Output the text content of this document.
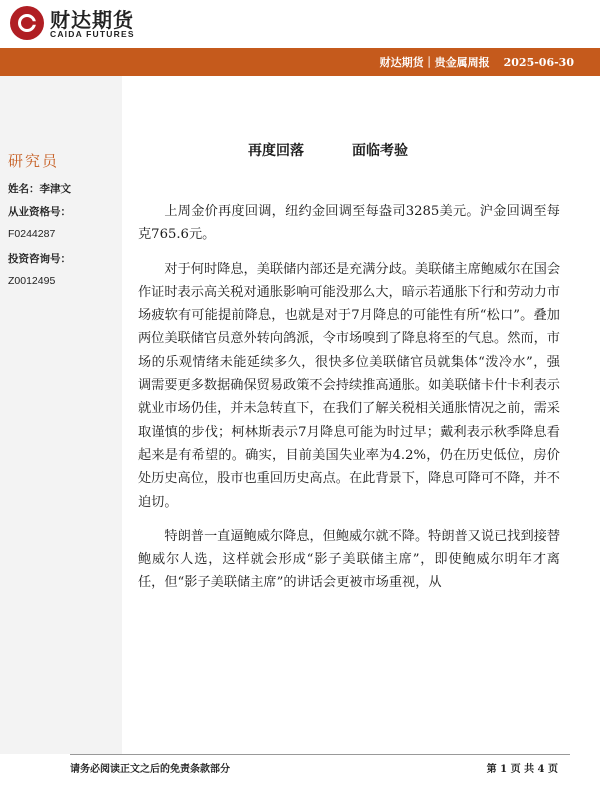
财达期货
CAIDA FUTURES
财达期货｜贵金属周报 2025-06-30
研究员
姓名：李津文
从业资格号：
F0244287
投资咨询号：
Z0012495
再度回落	面临考验

上周金价再度回调，纽约金回调至每盎司3285美元。沪金回调至每克765.6元。

对于何时降息，美联储内部还是充满分歧。美联储主席鲍威尔在国会作证时表示高关税对通胀影响可能没那么大，暗示若通胀下行和劳动力市场疲软有可能提前降息，也就是对于7月降息的可能性有所“松口”。叠加两位美联储官员意外转向鸽派，令市场嗅到了降息将至的气息。然而，市场的乐观情绪未能延续多久，很快多位美联储官员就集体“泼冷水”，强调需要更多数据确保贸易政策不会持续推高通胀。如美联储卡什卡利表示就业市场仍佳，并未急转直下，在我们了解关税相关通胀情况之前，需采取谨慎的步伐；柯林斯表示7月降息可能为时过早；戴利表示秋季降息看起来是有希望的。确实，目前美国失业率为4.2%，仍在历史低位，房价处历史高位，股市也重回历史高点。在此背景下，降息可降可不降，并不迫切。

特朗普一直逼鲍威尔降息，但鲍威尔就不降。特朗普又说已找到接替鲍威尔人选，这样就会形成“影子美联储主席”，即使鲍威尔明年才离任，但“影子美联储主席”的讲话会更被市场重视，从

请务必阅读正文之后的免责条款部分	第 1 页 共 4 页
